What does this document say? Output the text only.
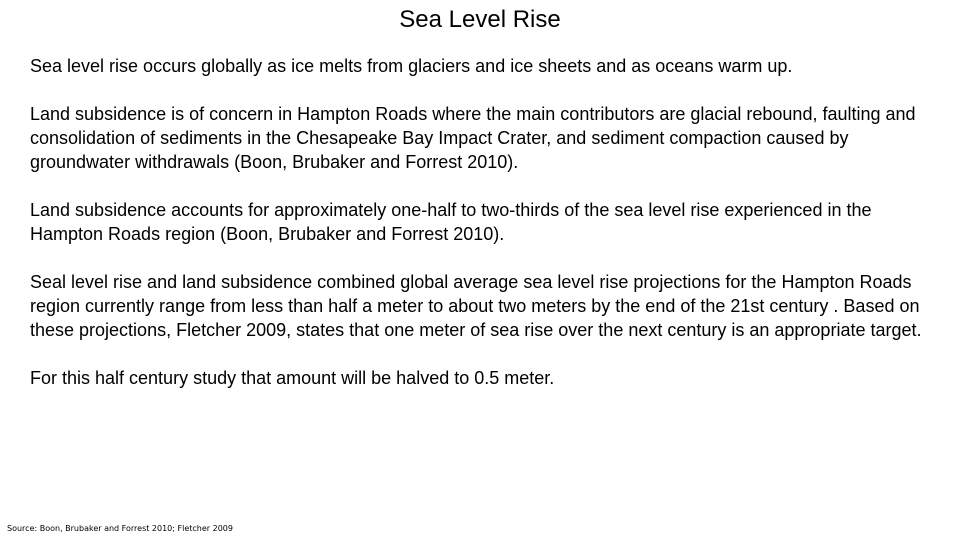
Sea Level Rise

Sea level rise occurs globally as ice melts from glaciers and ice sheets and as oceans warm up.

Land subsidence is of concern in Hampton Roads where the main contributors are glacial rebound, faulting and consolidation of sediments in the Chesapeake Bay Impact Crater, and sediment compaction caused by groundwater withdrawals (Boon, Brubaker and Forrest 2010).

Land subsidence accounts for approximately one-half to two-thirds of the sea level rise experienced in the Hampton Roads region (Boon, Brubaker and Forrest 2010).

Seal level rise and land subsidence combined global average sea level rise projections for the Hampton Roads region currently range from less than half a meter to about two meters by the end of the 21st century . Based on these projections, Fletcher 2009, states that one meter of sea rise over the next century is an appropriate target.

For this half century study that amount will be halved to 0.5 meter.

Source: Boon, Brubaker and Forrest 2010; Fletcher 2009
